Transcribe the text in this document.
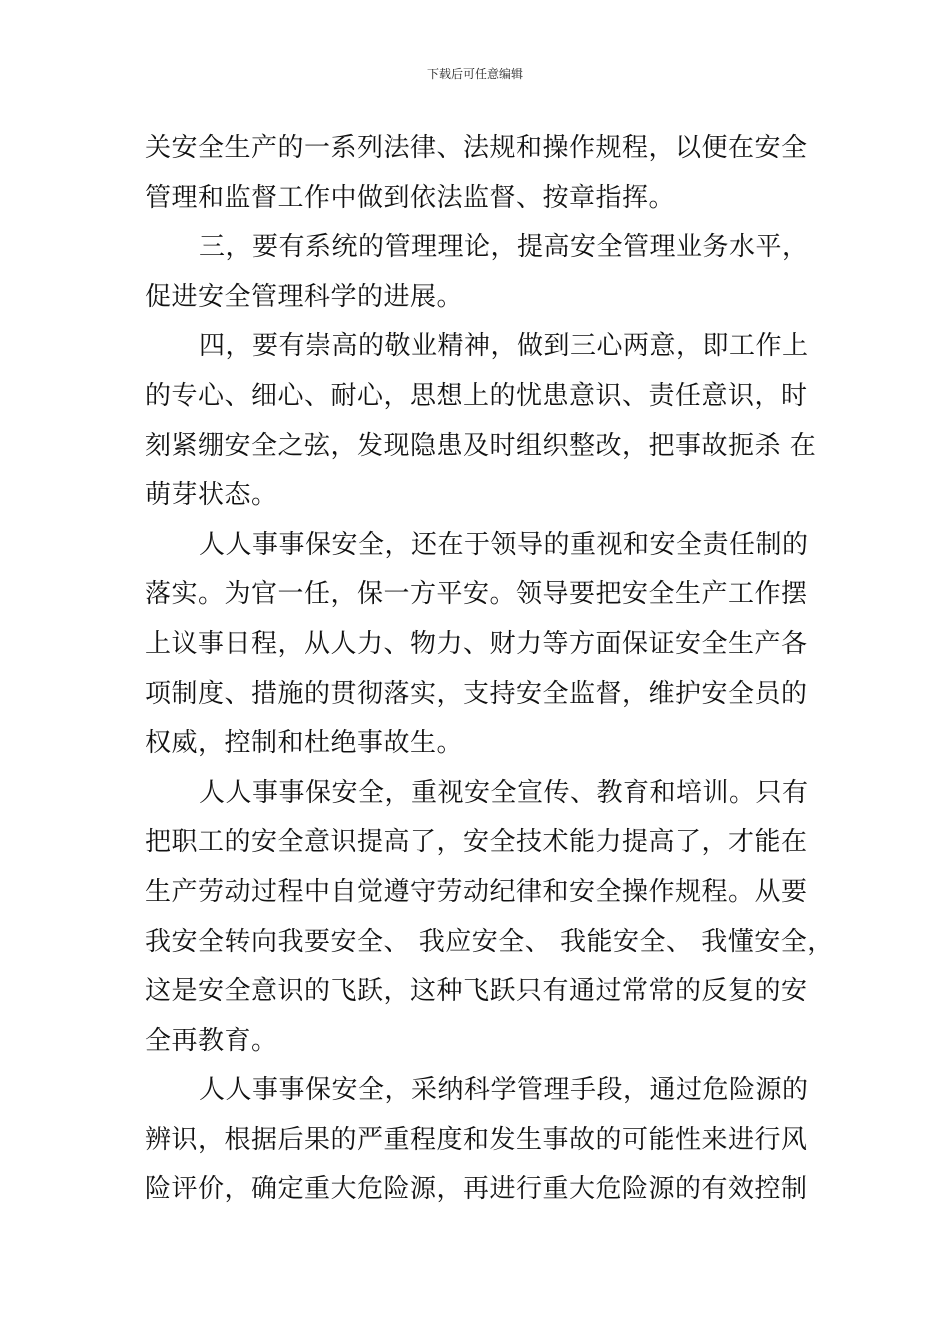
下载后可任意编辑
关安全生产的一系列法律、法规和操作规程，以便在安全
管理和监督工作中做到依法监督、按章指挥。
三，要有系统的管理理论，提高安全管理业务水平，
促进安全管理科学的进展。
四，要有崇高的敬业精神，做到三心两意，即工作上
的专心、细心、耐心，思想上的忧患意识、责任意识，时
刻紧绷安全之弦，发现隐患及时组织整改，把事故扼杀 在
萌芽状态。
人人事事保安全，还在于领导的重视和安全责任制的
落实。为官一任，保一方平安。领导要把安全生产工作摆
上议事日程，从人力、物力、财力等方面保证安全生产各
项制度、措施的贯彻落实，支持安全监督，维护安全员的
权威，控制和杜绝事故生。
人人事事保安全，重视安全宣传、教育和培训。只有
把职工的安全意识提高了，安全技术能力提高了，才能在
生产劳动过程中自觉遵守劳动纪律和安全操作规程。从要
我安全转向我要安全、 我应安全、 我能安全、 我懂安全，
这是安全意识的飞跃，这种飞跃只有通过常常的反复的安
全再教育。
人人事事保安全，采纳科学管理手段，通过危险源的
辨识，根据后果的严重程度和发生事故的可能性来进行风
险评价，确定重大危险源，再进行重大危险源的有效控制
